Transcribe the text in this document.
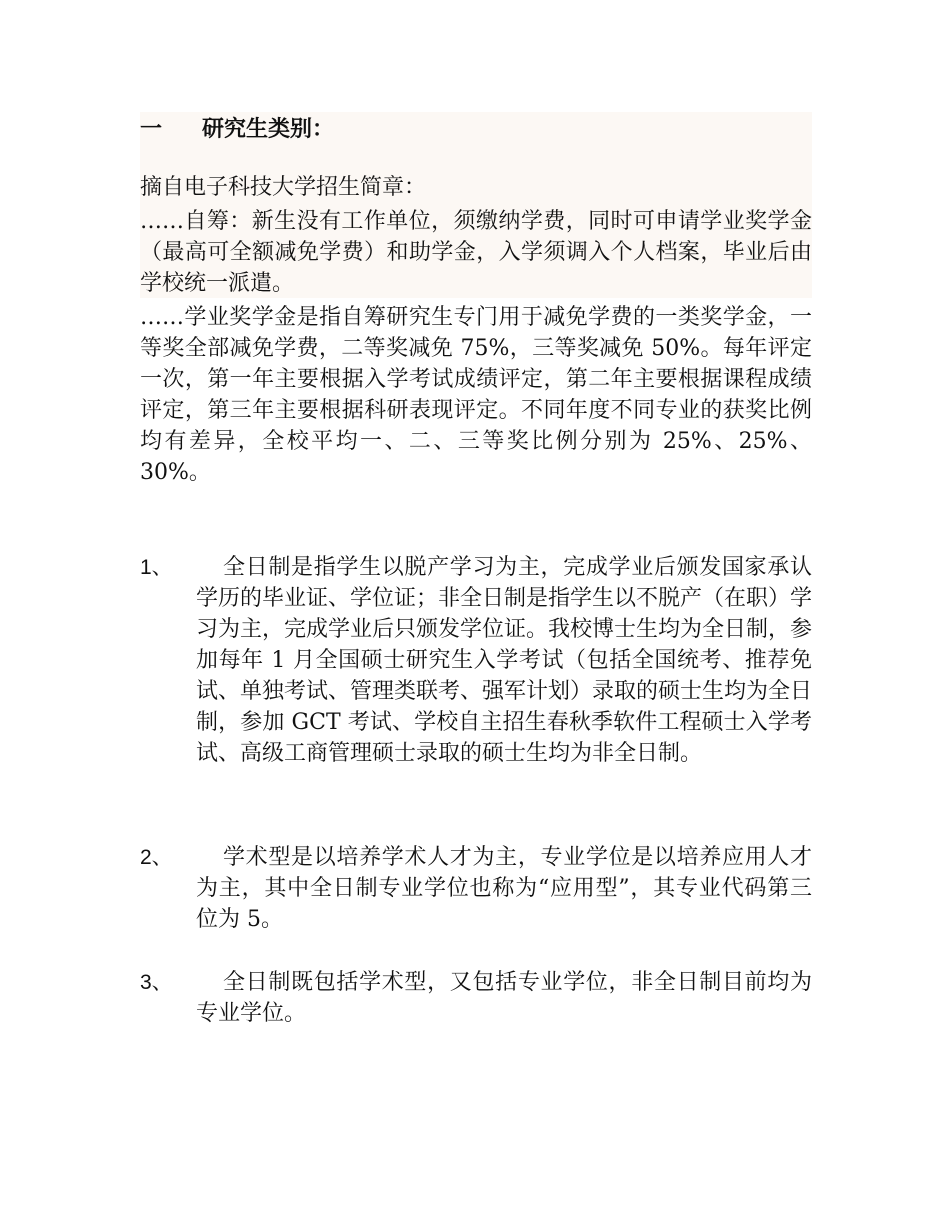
一 研究生类别：

摘自电子科技大学招生简章：

……自筹：新生没有工作单位，须缴纳学费，同时可申请学业奖学金（最高可全额减免学费）和助学金，入学须调入个人档案，毕业后由学校统一派遣。

……学业奖学金是指自筹研究生专门用于减免学费的一类奖学金，一等奖全部减免学费，二等奖减免 75%，三等奖减免 50%。每年评定一次，第一年主要根据入学考试成绩评定，第二年主要根据课程成绩评定，第三年主要根据科研表现评定。不同年度不同专业的获奖比例均有差异，全校平均一、二、三等奖比例分别为 25%、25%、30%。

1、	全日制是指学生以脱产学习为主，完成学业后颁发国家承认学历的毕业证、学位证；非全日制是指学生以不脱产（在职）学习为主，完成学业后只颁发学位证。我校博士生均为全日制，参加每年 1 月全国硕士研究生入学考试（包括全国统考、推荐免试、单独考试、管理类联考、强军计划）录取的硕士生均为全日制，参加 GCT 考试、学校自主招生春秋季软件工程硕士入学考试、高级工商管理硕士录取的硕士生均为非全日制。

2、	学术型是以培养学术人才为主，专业学位是以培养应用人才为主，其中全日制专业学位也称为“应用型”，其专业代码第三位为 5。

3、	全日制既包括学术型，又包括专业学位，非全日制目前均为专业学位。
